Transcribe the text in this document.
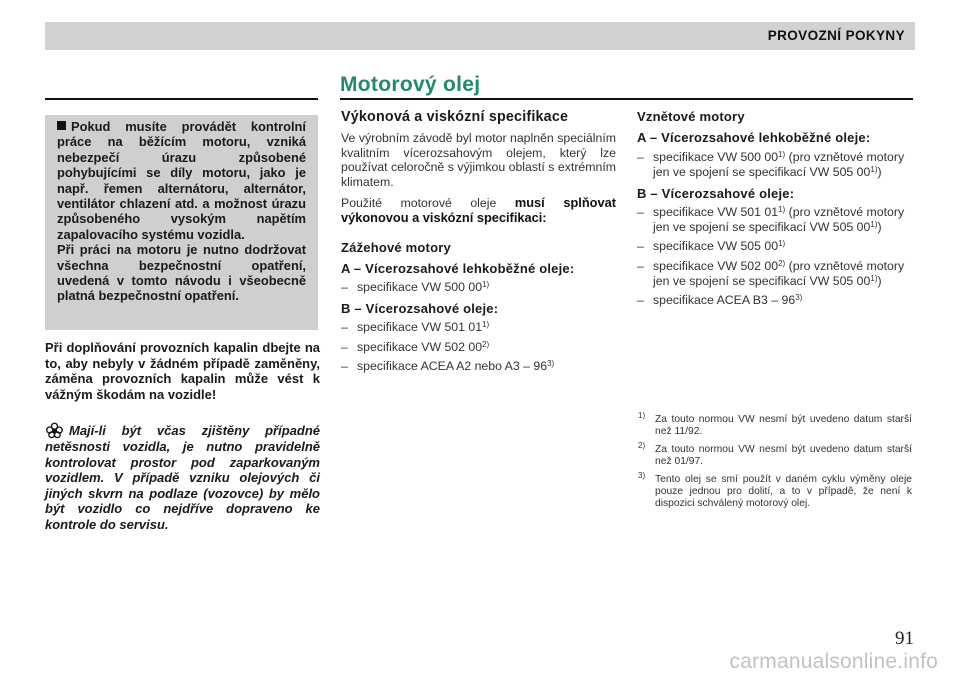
PROVOZNÍ POKYNY
Motorový olej

Pokud musíte provádět kontrolní práce na běžícím motoru, vzniká nebezpečí úrazu způsobené pohybujícími se díly motoru, jako je např. řemen alternátoru, alternátor, ventilátor chlazení atd. a možnost úrazu způsobeného vysokým napětím zapalovacího systému vozidla.

Při práci na motoru je nutno dodržovat všechna bezpečnostní opatření, uvedená v tomto návodu i všeobecně platná bezpečnostní opatření.

Při doplňování provozních kapalin dbejte na to, aby nebyly v žádném případě zaměněny, záměna provozních kapalin může vést k vážným škodám na vozidle!

Mají-li být včas zjištěny případné netěsnosti vozidla, je nutno pravidelně kontrolovat prostor pod zaparkovaným vozidlem. V případě vzniku olejových či jiných skvrn na podlaze (vozovce) by mělo být vozidlo co nejdříve dopraveno ke kontrole do servisu.

Výkonová a viskózní specifikace

Ve výrobním závodě byl motor naplněn speciálním kvalitním vícerozsahovým olejem, který lze používat celoročně s výjimkou oblastí s extrémním klimatem.

Použité motorové oleje musí splňovat výkonovou a viskózní specifikaci:

Zážehové motory
A – Vícerozsahové lehkoběžné oleje:

– specifikace VW 500 00$^{1)}$

B – Vícerozsahové oleje:

– specifikace VW 501 01$^{1)}$

– specifikace VW 502 00$^{2)}$

– specifikace ACEA A2 nebo A3 – 96$^{3)}$

Vznětové motory
A – Vícerozsahové lehkoběžné oleje:

– specifikace VW 500 00$^{1)}$ (pro vznětové motory jen ve spojení se specifikací VW 505 00$^{1)}$)

B – Vícerozsahové oleje:

– specifikace VW 501 01$^{1)}$ (pro vznětové motory jen ve spojení se specifikací VW 505 00$^{1)}$)

– specifikace VW 505 00$^{1)}$

– specifikace VW 502 00$^{2)}$ (pro vznětové motory jen ve spojení se specifikací VW 505 00$^{1)}$)

– specifikace ACEA B3 – 96$^{3)}$

1) Za touto normou VW nesmí být uvedeno datum starší než 11/92.

2) Za touto normou VW nesmí být uvedeno datum starší než 01/97.

3) Tento olej se smí použít v daném cyklu výměny oleje pouze jednou pro dolití, a to v případě, že není k dispozici schválený motorový olej.

91
carmanualsonline.info
